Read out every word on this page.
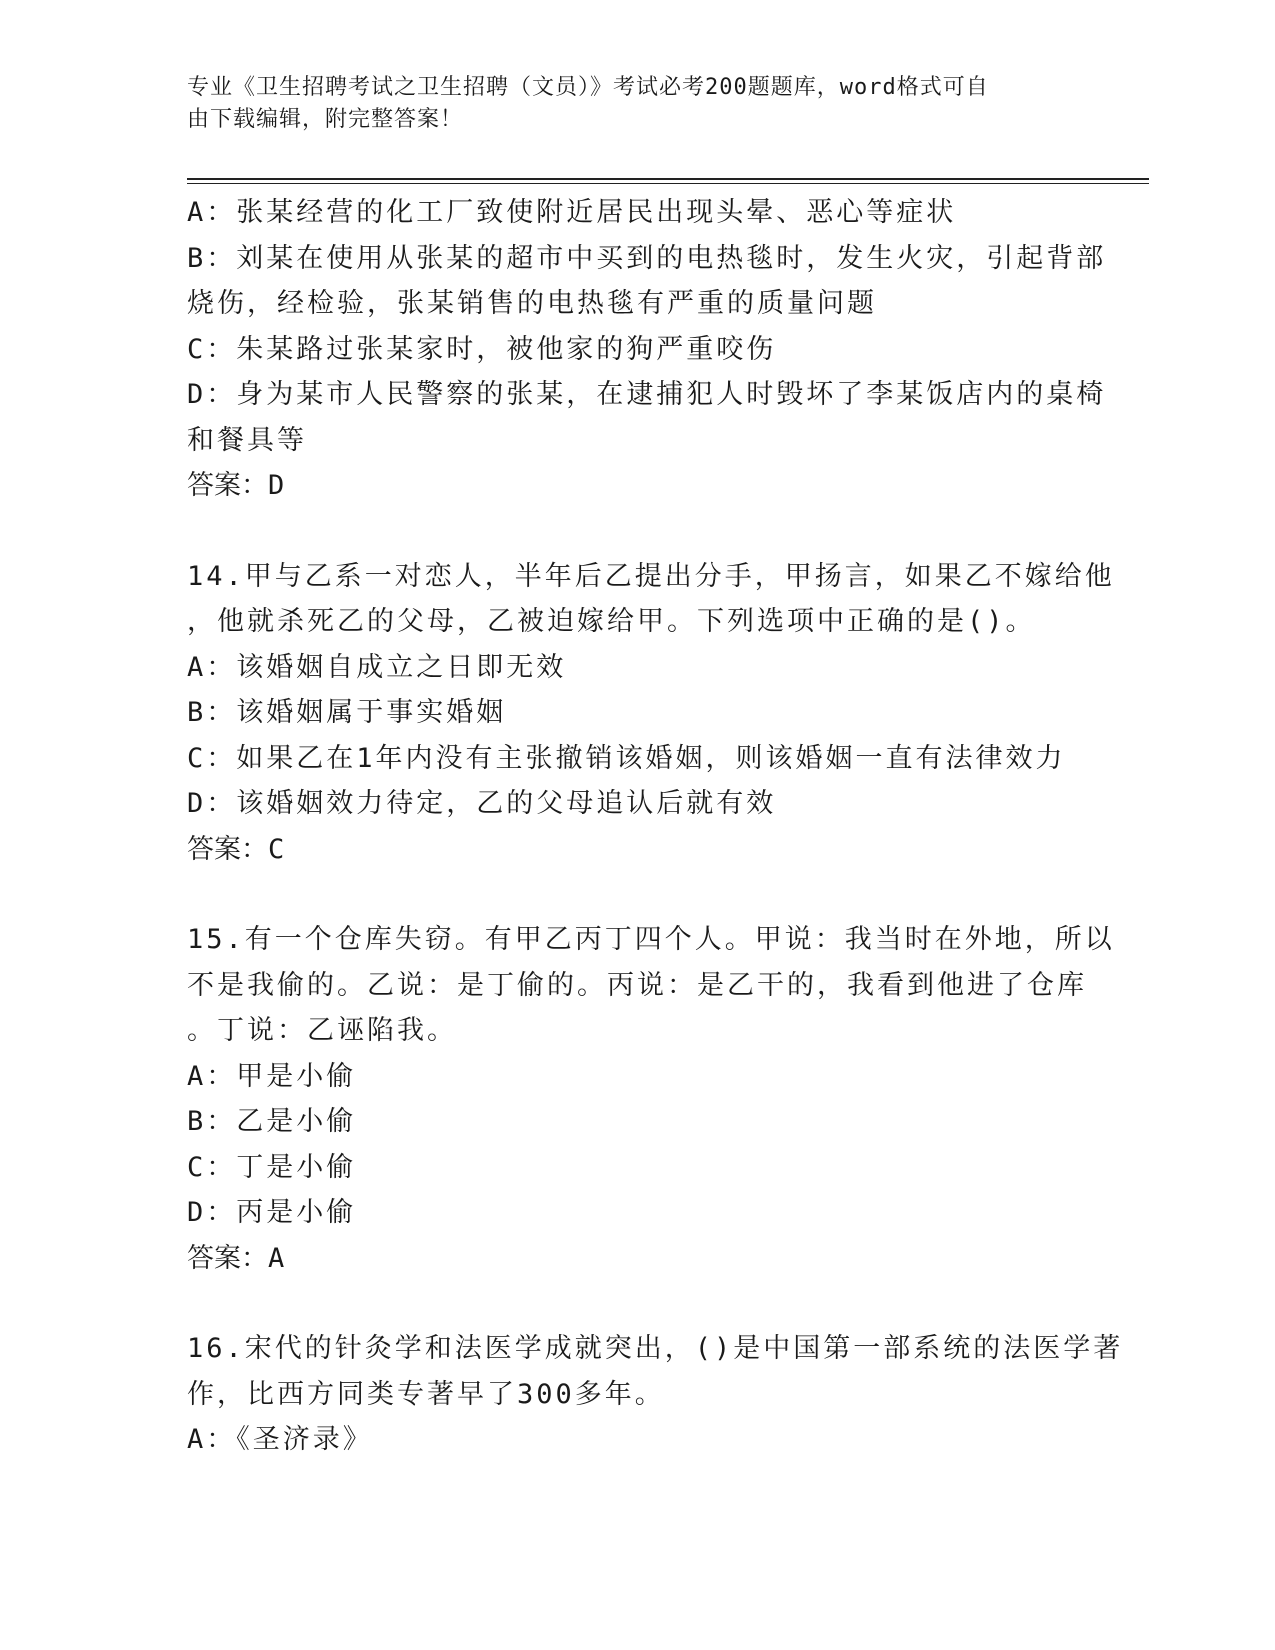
专业《卫生招聘考试之卫生招聘（文员）》考试必考200题题库，word格式可自
由下载编辑，附完整答案！

A：张某经营的化工厂致使附近居民出现头晕、恶心等症状

B：刘某在使用从张某的超市中买到的电热毯时，发生火灾，引起背部

烧伤，经检验，张某销售的电热毯有严重的质量问题

C：朱某路过张某家时，被他家的狗严重咬伤

D：身为某市人民警察的张某，在逮捕犯人时毁坏了李某饭店内的桌椅

和餐具等

答案：D

14.甲与乙系一对恋人，半年后乙提出分手，甲扬言，如果乙不嫁给他

，他就杀死乙的父母，乙被迫嫁给甲。下列选项中正确的是()。

A：该婚姻自成立之日即无效

B：该婚姻属于事实婚姻

C：如果乙在1年内没有主张撤销该婚姻，则该婚姻一直有法律效力

D：该婚姻效力待定，乙的父母追认后就有效

答案：C

15.有一个仓库失窃。有甲乙丙丁四个人。甲说：我当时在外地，所以

不是我偷的。乙说：是丁偷的。丙说：是乙干的，我看到他进了仓库

。丁说：乙诬陷我。

A：甲是小偷

B：乙是小偷

C：丁是小偷

D：丙是小偷

答案：A

16.宋代的针灸学和法医学成就突出，()是中国第一部系统的法医学著

作，比西方同类专著早了300多年。

A：《圣济录》
